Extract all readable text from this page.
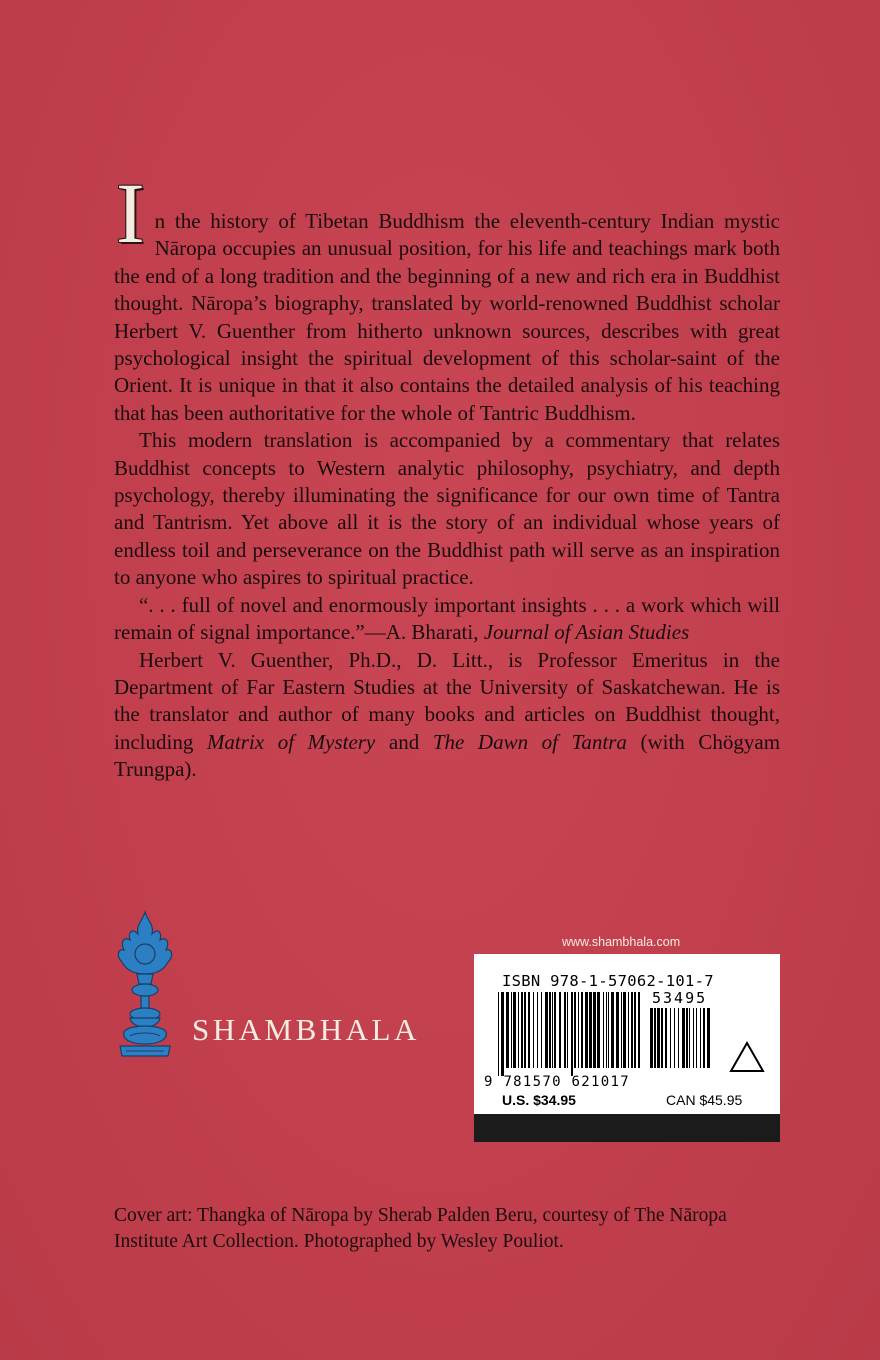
In the history of Tibetan Buddhism the eleventh-century Indian mystic Nāropa occupies an unusual position, for his life and teachings mark both the end of a long tradition and the beginning of a new and rich era in Buddhist thought. Nāropa’s biography, translated by world-renowned Buddhist scholar Herbert V. Guenther from hitherto unknown sources, describes with great psychological insight the spiritual development of this scholar-saint of the Orient. It is unique in that it also contains the detailed analysis of his teaching that has been authoritative for the whole of Tantric Buddhism.

This modern translation is accompanied by a commentary that relates Buddhist concepts to Western analytic philosophy, psychiatry, and depth psychology, thereby illuminating the significance for our own time of Tantra and Tantrism. Yet above all it is the story of an individual whose years of endless toil and perseverance on the Buddhist path will serve as an inspiration to anyone who aspires to spiritual practice.

“. . . full of novel and enormously important insights . . . a work which will remain of signal importance.”—A. Bharati, Journal of Asian Studies

Herbert V. Guenther, Ph.D., D. Litt., is Professor Emeritus in the Department of Far Eastern Studies at the University of Saskatchewan. He is the translator and author of many books and articles on Buddhist thought, including Matrix of Mystery and The Dawn of Tantra (with Chögyam Trungpa).

SHAMBHALA
www.shambhala.com
ISBN 978-1-57062-101-7
53495
9 781570 621017
U.S. $34.95	CAN $45.95
Cover art: Thangka of Nāropa by Sherab Palden Beru, courtesy of The Nāropa Institute Art Collection. Photographed by Wesley Pouliot.
